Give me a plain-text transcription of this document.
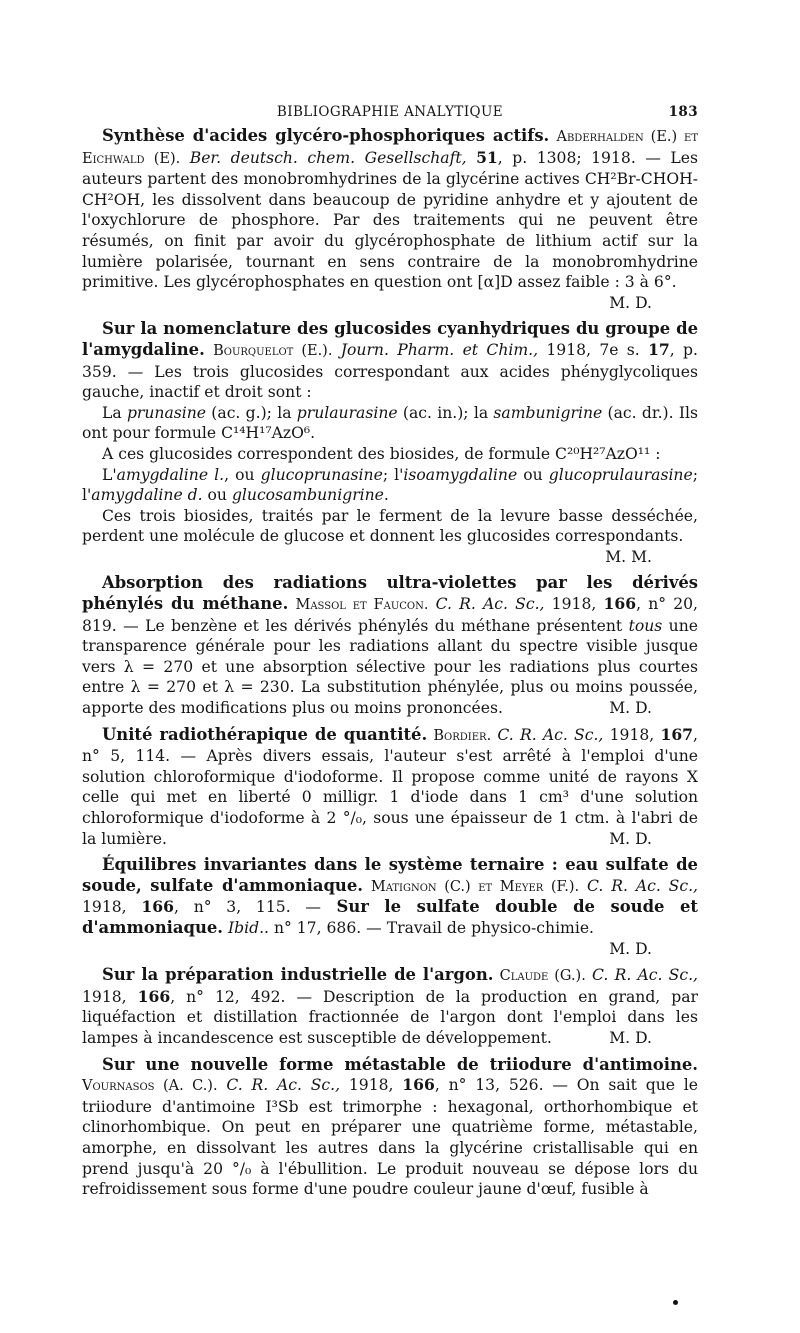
BIBLIOGRAPHIE ANALYTIQUE	183

Synthèse d'acides glycéro-phosphoriques actifs. Abderhalden (E.) et Eichwald (E). Ber. deutsch. chem. Gesellschaft, 51, p. 1308; 1918. — Les auteurs partent des monobromhydrines de la glycérine actives CH²Br-CHOH-CH²OH, les dissolvent dans beaucoup de pyridine anhydre et y ajoutent de l'oxychlorure de phosphore. Par des traitements qui ne peuvent être résumés, on finit par avoir du glycérophosphate de lithium actif sur la lumière polarisée, tournant en sens contraire de la monobromhydrine primitive. Les glycérophosphates en question ont [α]D assez faible : 3 à 6°.

M. D.

Sur la nomenclature des glucosides cyanhydriques du groupe de l'amygdaline. Bourquelot (E.). Journ. Pharm. et Chim., 1918, 7e s. 17, p. 359. — Les trois glucosides correspondant aux acides phényglycoliques gauche, inactif et droit sont :

La prunasine (ac. g.); la prulaurasine (ac. in.); la sambunigrine (ac. dr.). Ils ont pour formule C¹⁴H¹⁷AzO⁶.

A ces glucosides correspondent des biosides, de formule C²⁰H²⁷AzO¹¹ :

L'amygdaline l., ou glucoprunasine; l'isoamygdaline ou glucoprulaurasine; l'amygdaline d. ou glucosambunigrine.

Ces trois biosides, traités par le ferment de la levure basse desséchée, perdent une molécule de glucose et donnent les glucosides correspondants.

M. M.

Absorption des radiations ultra-violettes par les dérivés phénylés du méthane. Massol et Faucon. C. R. Ac. Sc., 1918, 166, n° 20, 819. — Le benzène et les dérivés phénylés du méthane présentent tous une transparence générale pour les radiations allant du spectre visible jusque vers λ = 270 et une absorption sélective pour les radiations plus courtes entre λ = 270 et λ = 230. La substitution phénylée, plus ou moins poussée, apporte des modifications plus ou moins prononcées.	M. D.

Unité radiothérapique de quantité. Bordier. C. R. Ac. Sc., 1918, 167, n° 5, 114. — Après divers essais, l'auteur s'est arrêté à l'emploi d'une solution chloroformique d'iodoforme. Il propose comme unité de rayons X celle qui met en liberté 0 milligr. 1 d'iode dans 1 cm³ d'une solution chloroformique d'iodoforme à 2 °/₀, sous une épaisseur de 1 ctm. à l'abri de la lumière.	M. D.

Équilibres invariantes dans le système ternaire : eau sulfate de soude, sulfate d'ammoniaque. Matignon (C.) et Meyer (F.). C. R. Ac. Sc., 1918, 166, n° 3, 115. — Sur le sulfate double de soude et d'ammoniaque. Ibid.. n° 17, 686. — Travail de physico-chimie.

M. D.

Sur la préparation industrielle de l'argon. Claude (G.). C. R. Ac. Sc., 1918, 166, n° 12, 492. — Description de la production en grand, par liquéfaction et distillation fractionnée de l'argon dont l'emploi dans les lampes à incandescence est susceptible de développement.	M. D.

Sur une nouvelle forme métastable de triiodure d'antimoine. Vournasos (A. C.). C. R. Ac. Sc., 1918, 166, n° 13, 526. — On sait que le triiodure d'antimoine I³Sb est trimorphe : hexagonal, orthorhombique et clinorhombique. On peut en préparer une quatrième forme, métastable, amorphe, en dissolvant les autres dans la glycérine cristallisable qui en prend jusqu'à 20 °/₀ à l'ébullition. Le produit nouveau se dépose lors du refroidissement sous forme d'une poudre couleur jaune d'œuf, fusible à
